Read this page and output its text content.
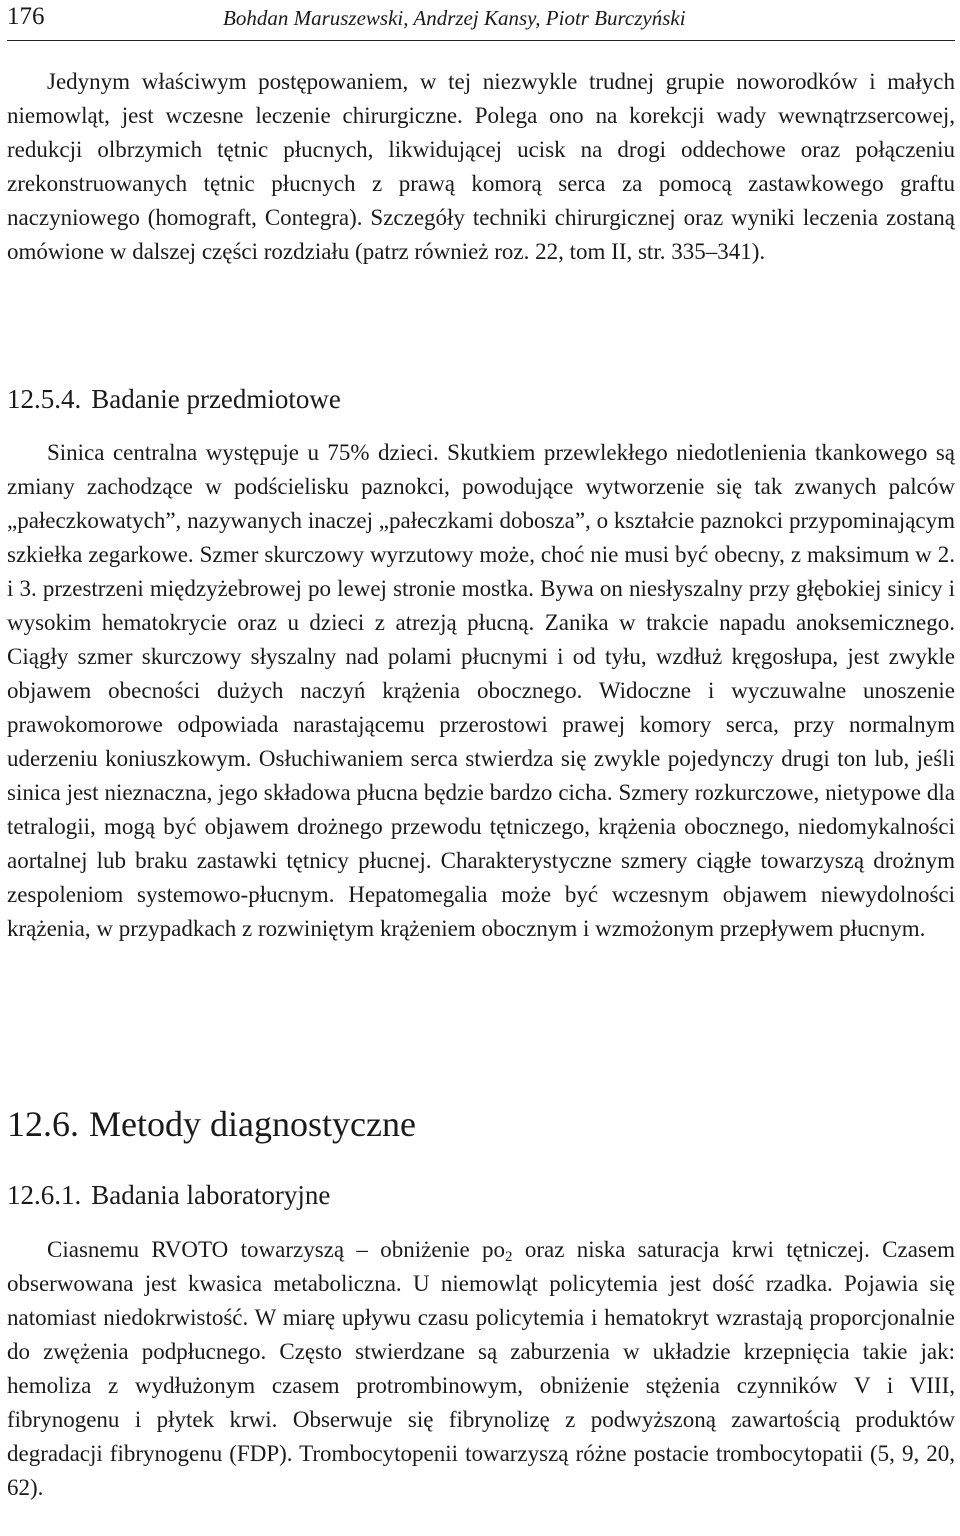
176	Bohdan Maruszewski, Andrzej Kansy, Piotr Burczyński

Jedynym właściwym postępowaniem, w tej niezwykle trudnej grupie noworodków i małych niemowląt, jest wczesne leczenie chirurgiczne. Polega ono na korekcji wady wewnątrzsercowej, redukcji olbrzymich tętnic płucnych, likwidującej ucisk na drogi oddechowe oraz połączeniu zrekonstruowanych tętnic płucnych z prawą komorą serca za pomocą zastawkowego graftu naczyniowego (homograft, Contegra). Szczegóły techniki chirurgicznej oraz wyniki leczenia zostaną omówione w dalszej części rozdziału (patrz również roz. 22, tom II, str. 335–341).

12.5.4. Badanie przedmiotowe

Sinica centralna występuje u 75% dzieci. Skutkiem przewlekłego niedotlenienia tkankowego są zmiany zachodzące w podścielisku paznokci, powodujące wytworzenie się tak zwanych palców „pałeczkowatych”, nazywanych inaczej „pałeczkami dobosza”, o kształcie paznokci przypominającym szkiełka zegarkowe. Szmer skurczowy wyrzutowy może, choć nie musi być obecny, z maksimum w 2. i 3. przestrzeni międzyżebrowej po lewej stronie mostka. Bywa on niesłyszalny przy głębokiej sinicy i wysokim hematokrycie oraz u dzieci z atrezją płucną. Zanika w trakcie napadu anoksemicznego. Ciągły szmer skurczowy słyszalny nad polami płucnymi i od tyłu, wzdłuż kręgosłupa, jest zwykle objawem obecności dużych naczyń krążenia obocznego. Widoczne i wyczuwalne unoszenie prawokomorowe odpowiada narastającemu przerostowi prawej komory serca, przy normalnym uderzeniu koniuszkowym. Osłuchiwaniem serca stwierdza się zwykle pojedynczy drugi ton lub, jeśli sinica jest nieznaczna, jego składowa płucna będzie bardzo cicha. Szmery rozkurczowe, nietypowe dla tetralogii, mogą być objawem drożnego przewodu tętniczego, krążenia obocznego, niedomykalności aortalnej lub braku zastawki tętnicy płucnej. Charakterystyczne szmery ciągłe towarzyszą drożnym zespoleniom systemowo-płucnym. Hepatomegalia może być wczesnym objawem niewydolności krążenia, w przypadkach z rozwiniętym krążeniem obocznym i wzmożonym przepływem płucnym.

12.6. Metody diagnostyczne
12.6.1. Badania laboratoryjne

Ciasnemu RVOTO towarzyszą – obniżenie $po_2$ oraz niska saturacja krwi tętniczej. Czasem obserwowana jest kwasica metaboliczna. U niemowląt policytemia jest dość rzadka. Pojawia się natomiast niedokrwistość. W miarę upływu czasu policytemia i hematokryt wzrastają proporcjonalnie do zwężenia podpłucnego. Często stwierdzane są zaburzenia w układzie krzepnięcia takie jak: hemoliza z wydłużonym czasem protrombinowym, obniżenie stężenia czynników V i VIII, fibrynogenu i płytek krwi. Obserwuje się fibrynolizę z podwyższoną zawartością produktów degradacji fibrynogenu (FDP). Trombocytopenii towarzyszą różne postacie trombocytopatii (5, 9, 20, 62).
